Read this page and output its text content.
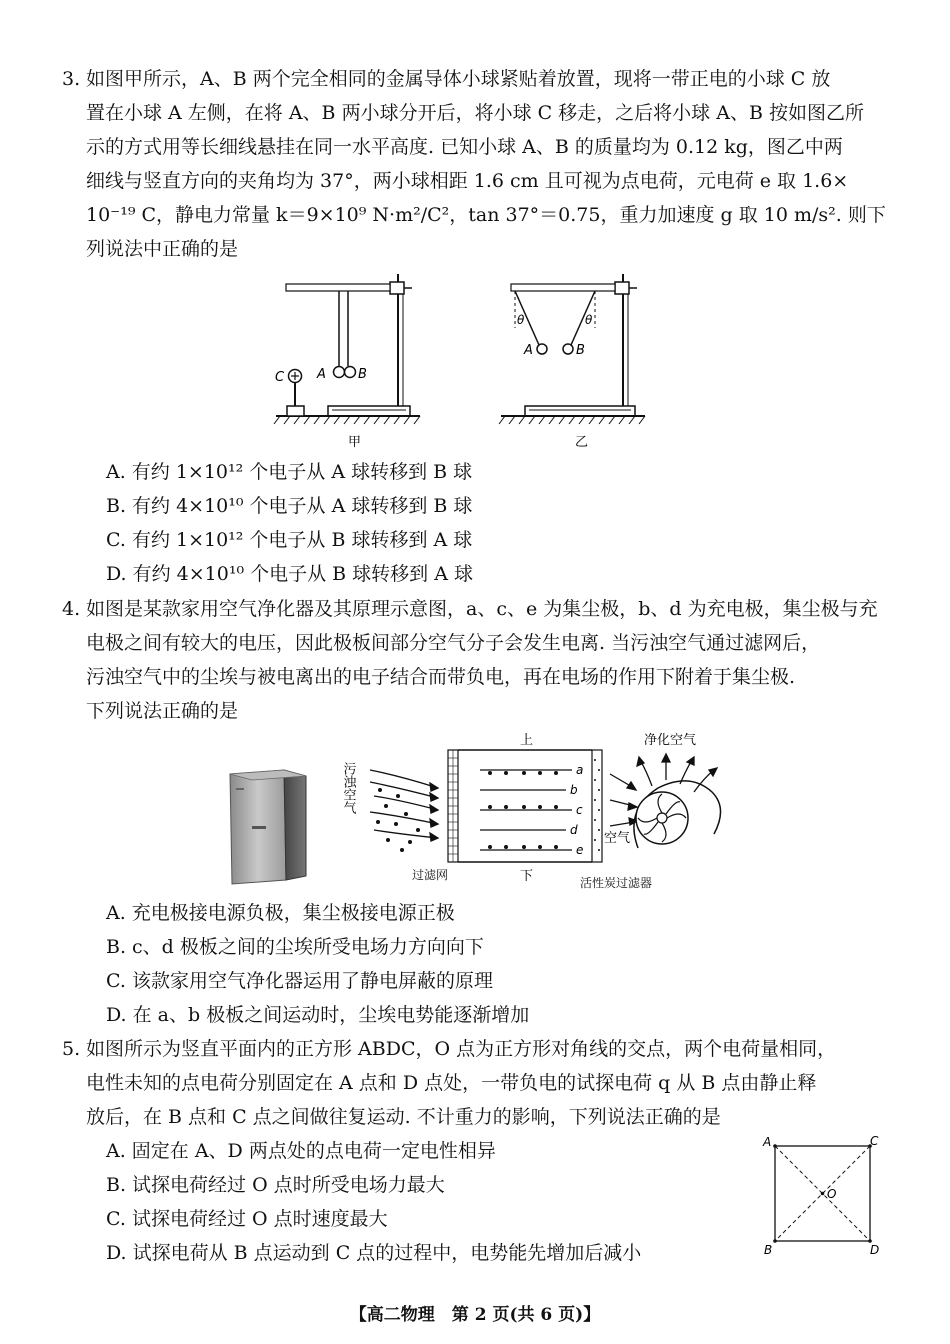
3. 如图甲所示，A、B 两个完全相同的金属导体小球紧贴着放置，现将一带正电的小球 C 放
置在小球 A 左侧，在将 A、B 两小球分开后，将小球 C 移走，之后将小球 A、B 按如图乙所
示的方式用等长细线悬挂在同一水平高度. 已知小球 A、B 的质量均为 0.12 kg，图乙中两
细线与竖直方向的夹角均为 37°，两小球相距 1.6 cm 且可视为点电荷，元电荷 e 取 1.6×
10⁻¹⁹ C，静电力常量 k＝9×10⁹ N·m²/C²，tan 37°＝0.75，重力加速度 g 取 10 m/s². 则下
列说法中正确的是
A B
C
甲
θ	θ
A	B
乙
A. 有约 1×10¹² 个电子从 A 球转移到 B 球
B. 有约 4×10¹⁰ 个电子从 A 球转移到 B 球
C. 有约 1×10¹² 个电子从 B 球转移到 A 球
D. 有约 4×10¹⁰ 个电子从 B 球转移到 A 球
4. 如图是某款家用空气净化器及其原理示意图，a、c、e 为集尘极，b、d 为充电极，集尘极与充
电极之间有较大的电压，因此极板间部分空气分子会发生电离. 当污浊空气通过滤网后，
污浊空气中的尘埃与被电离出的电子结合而带负电，再在电场的作用下附着于集尘极.
下列说法正确的是
污浊空气
上
下
a
b
c
d
e
空气
净化空气
过滤网
活性炭过滤器
A. 充电极接电源负极，集尘极接电源正极
B. c、d 极板之间的尘埃所受电场力方向向下
C. 该款家用空气净化器运用了静电屏蔽的原理
D. 在 a、b 极板之间运动时，尘埃电势能逐渐增加
5. 如图所示为竖直平面内的正方形 ABDC，O 点为正方形对角线的交点，两个电荷量相同，
电性未知的点电荷分别固定在 A 点和 D 点处，一带负电的试探电荷 q 从 B 点由静止释
放后，在 B 点和 C 点之间做往复运动. 不计重力的影响，下列说法正确的是
A. 固定在 A、D 两点处的点电荷一定电性相异
B. 试探电荷经过 O 点时所受电场力最大
C. 试探电荷经过 O 点时速度最大
D. 试探电荷从 B 点运动到 C 点的过程中，电势能先增加后减小
A	C
B	D
O
【高二物理　第 2 页(共 6 页)】
